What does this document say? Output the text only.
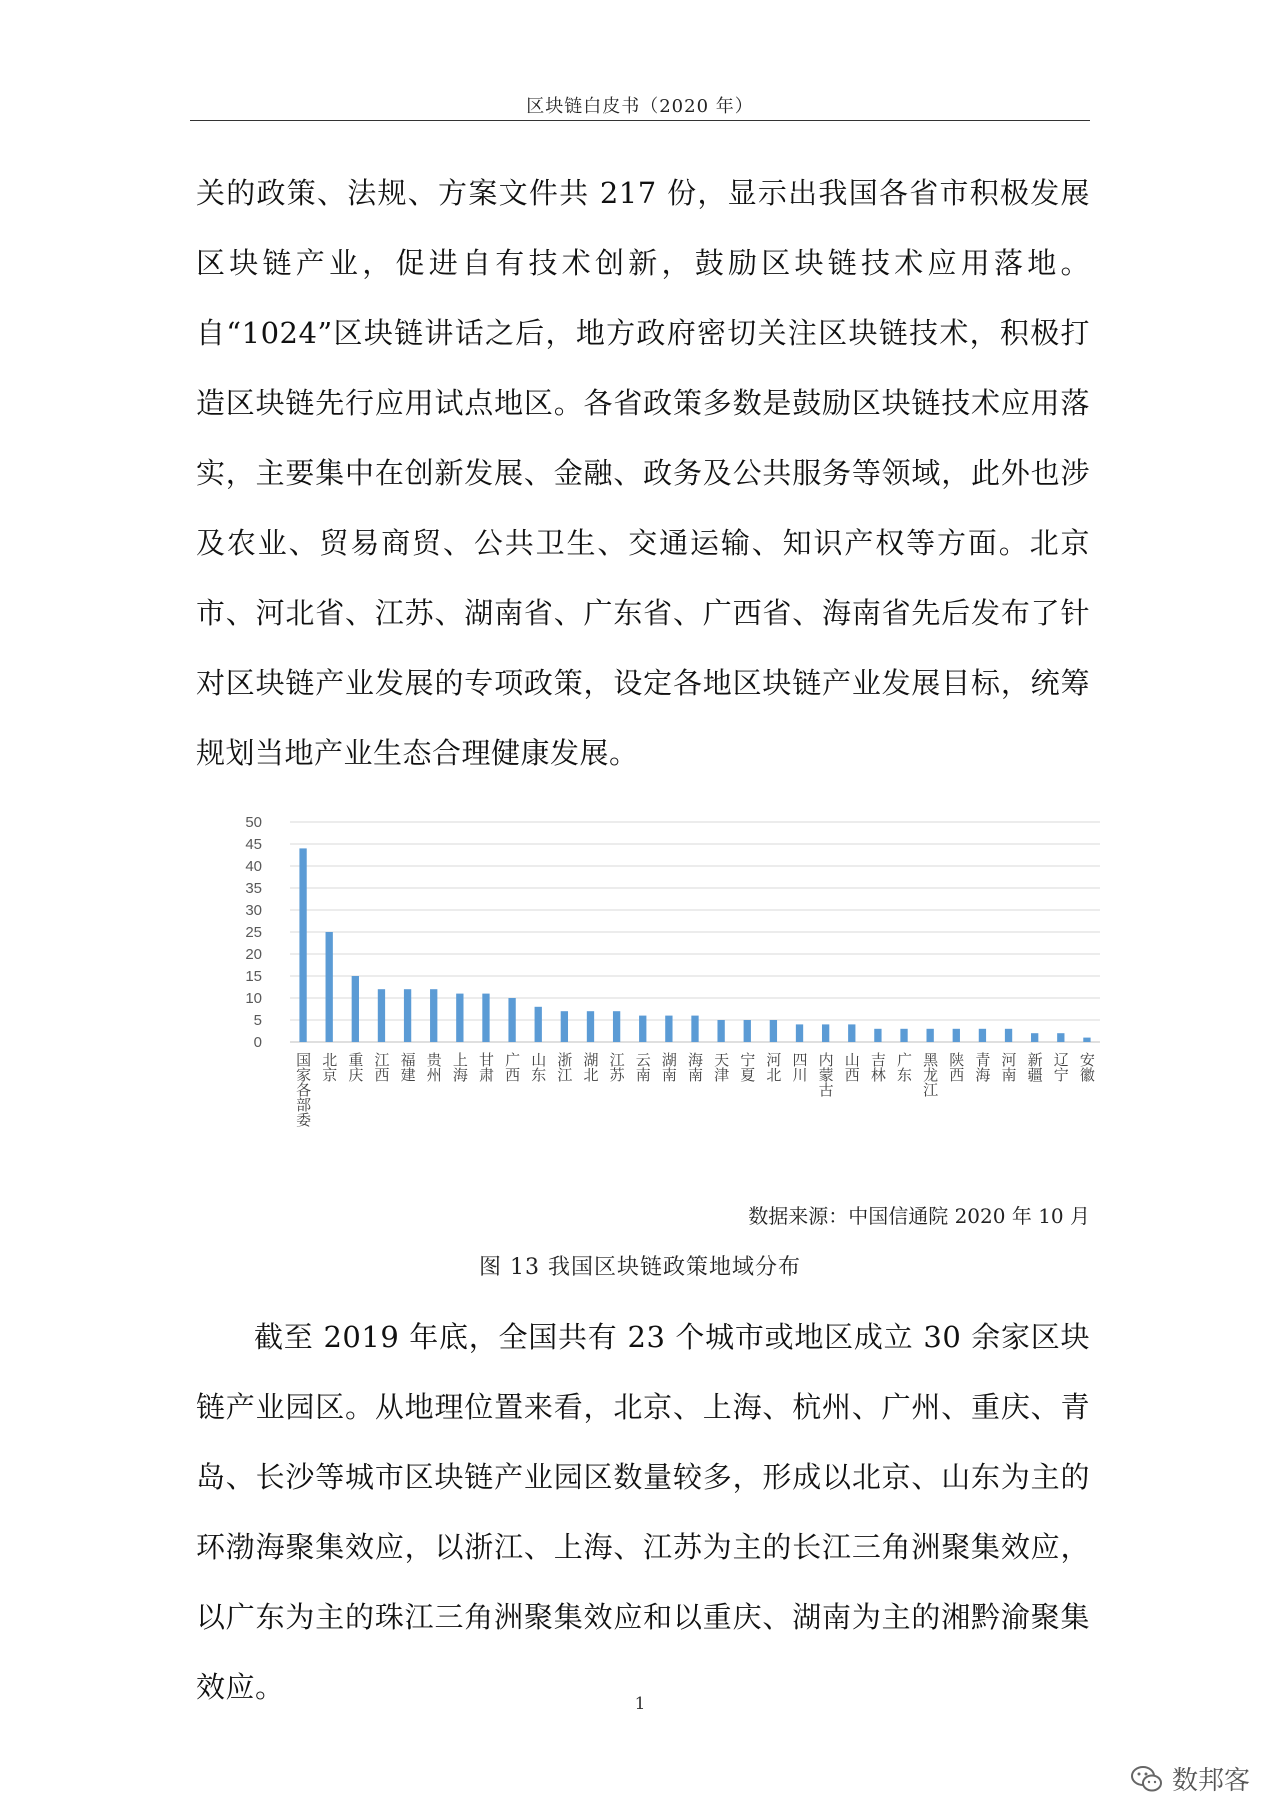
区块链白皮书（2020 年）

关的政策、法规、方案文件共 217 份，显示出我国各省市积极发展区块链产业，促进自有技术创新，鼓励区块链技术应用落地。自“1024”区块链讲话之后，地方政府密切关注区块链技术，积极打造区块链先行应用试点地区。各省政策多数是鼓励区块链技术应用落实，主要集中在创新发展、金融、政务及公共服务等领域，此外也涉及农业、贸易商贸、公共卫生、交通运输、知识产权等方面。北京市、河北省、江苏、湖南省、广东省、广西省、海南省先后发布了针对区块链产业发展的专项政策，设定各地区块链产业发展目标，统筹规划当地产业生态合理健康发展。

0
5
10
15
20
25
30
35
40
45
50
国家各部委 北京 重庆 江西 福建 贵州 上海 甘肃 广西 山东 浙江 湖北 江苏 云南 湖南 海南 天津 宁夏 河北 四川 内蒙古 山西 吉林 广东 黑龙江 陕西 青海 河南 新疆 辽宁 安徽
数据来源：中国信通院 2020 年 10 月
图 13 我国区块链政策地域分布

截至 2019 年底，全国共有 23 个城市或地区成立 30 余家区块链产业园区。从地理位置来看，北京、上海、杭州、广州、重庆、青岛、长沙等城市区块链产业园区数量较多，形成以北京、山东为主的环渤海聚集效应，以浙江、上海、江苏为主的长江三角洲聚集效应，以广东为主的珠江三角洲聚集效应和以重庆、湖南为主的湘黔渝聚集效应。	1
数邦客
